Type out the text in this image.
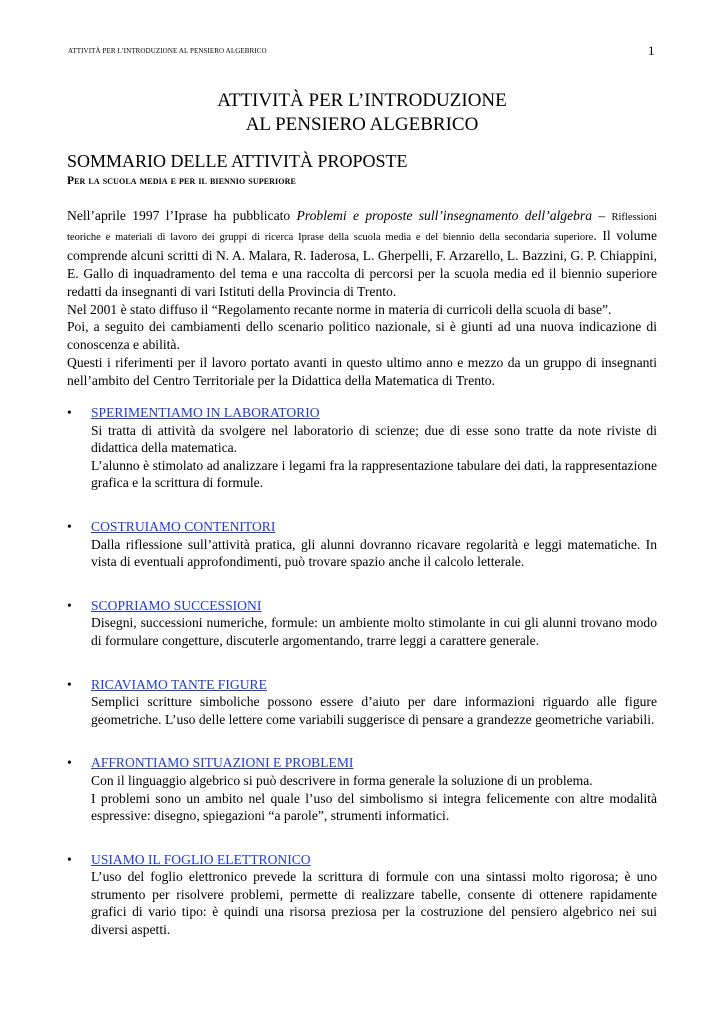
ATTIVITÀ PER L’INTRODUZIONE AL PENSIERO ALGEBRICO	1
ATTIVITÀ PER L’INTRODUZIONE
AL PENSIERO ALGEBRICO
SOMMARIO DELLE ATTIVITÀ PROPOSTE
Per la scuola media e per il biennio superiore

Nell’aprile 1997 l’Iprase ha pubblicato Problemi e proposte sull’insegnamento dell’algebra – Riflessioni teoriche e materiali di lavoro dei gruppi di ricerca Iprase della scuola media e del biennio della secondaria superiore. Il volume comprende alcuni scritti di N. A. Malara, R. Iaderosa, L. Gherpelli, F. Arzarello, L. Bazzini, G. P. Chiappini, E. Gallo di inquadramento del tema e una raccolta di percorsi per la scuola media ed il biennio superiore redatti da insegnanti di vari Istituti della Provincia di Trento.

Nel 2001 è stato diffuso il “Regolamento recante norme in materia di curricoli della scuola di base”.

Poi, a seguito dei cambiamenti dello scenario politico nazionale, si è giunti ad una nuova indicazione di conoscenza e abilità.

Questi i riferimenti per il lavoro portato avanti in questo ultimo anno e mezzo da un gruppo di insegnanti nell’ambito del Centro Territoriale per la Didattica della Matematica di Trento.

•	SPERIMENTIAMO IN LABORATORIO
Si tratta di attività da svolgere nel laboratorio di scienze; due di esse sono tratte da note riviste di didattica della matematica.
L’alunno è stimolato ad analizzare i legami fra la rappresentazione tabulare dei dati, la rappresentazione grafica e la scrittura di formule.
•	COSTRUIAMO CONTENITORI
Dalla riflessione sull’attività pratica, gli alunni dovranno ricavare regolarità e leggi matematiche. In vista di eventuali approfondimenti, può trovare spazio anche il calcolo letterale.
•	SCOPRIAMO SUCCESSIONI
Disegni, successioni numeriche, formule: un ambiente molto stimolante in cui gli alunni trovano modo di formulare congetture, discuterle argomentando, trarre leggi a carattere generale.
•	RICAVIAMO TANTE FIGURE
Semplici scritture simboliche possono essere d’aiuto per dare informazioni riguardo alle figure geometriche. L’uso delle lettere come variabili suggerisce di pensare a grandezze geometriche variabili.
•	AFFRONTIAMO SITUAZIONI E PROBLEMI
Con il linguaggio algebrico si può descrivere in forma generale la soluzione di un problema.
I problemi sono un ambito nel quale l’uso del simbolismo si integra felicemente con altre modalità espressive: disegno, spiegazioni “a parole”, strumenti informatici.
•	USIAMO IL FOGLIO ELETTRONICO
L’uso del foglio elettronico prevede la scrittura di formule con una sintassi molto rigorosa; è uno strumento per risolvere problemi, permette di realizzare tabelle, consente di ottenere rapidamente grafici di vario tipo: è quindi una risorsa preziosa per la costruzione del pensiero algebrico nei sui diversi aspetti.
